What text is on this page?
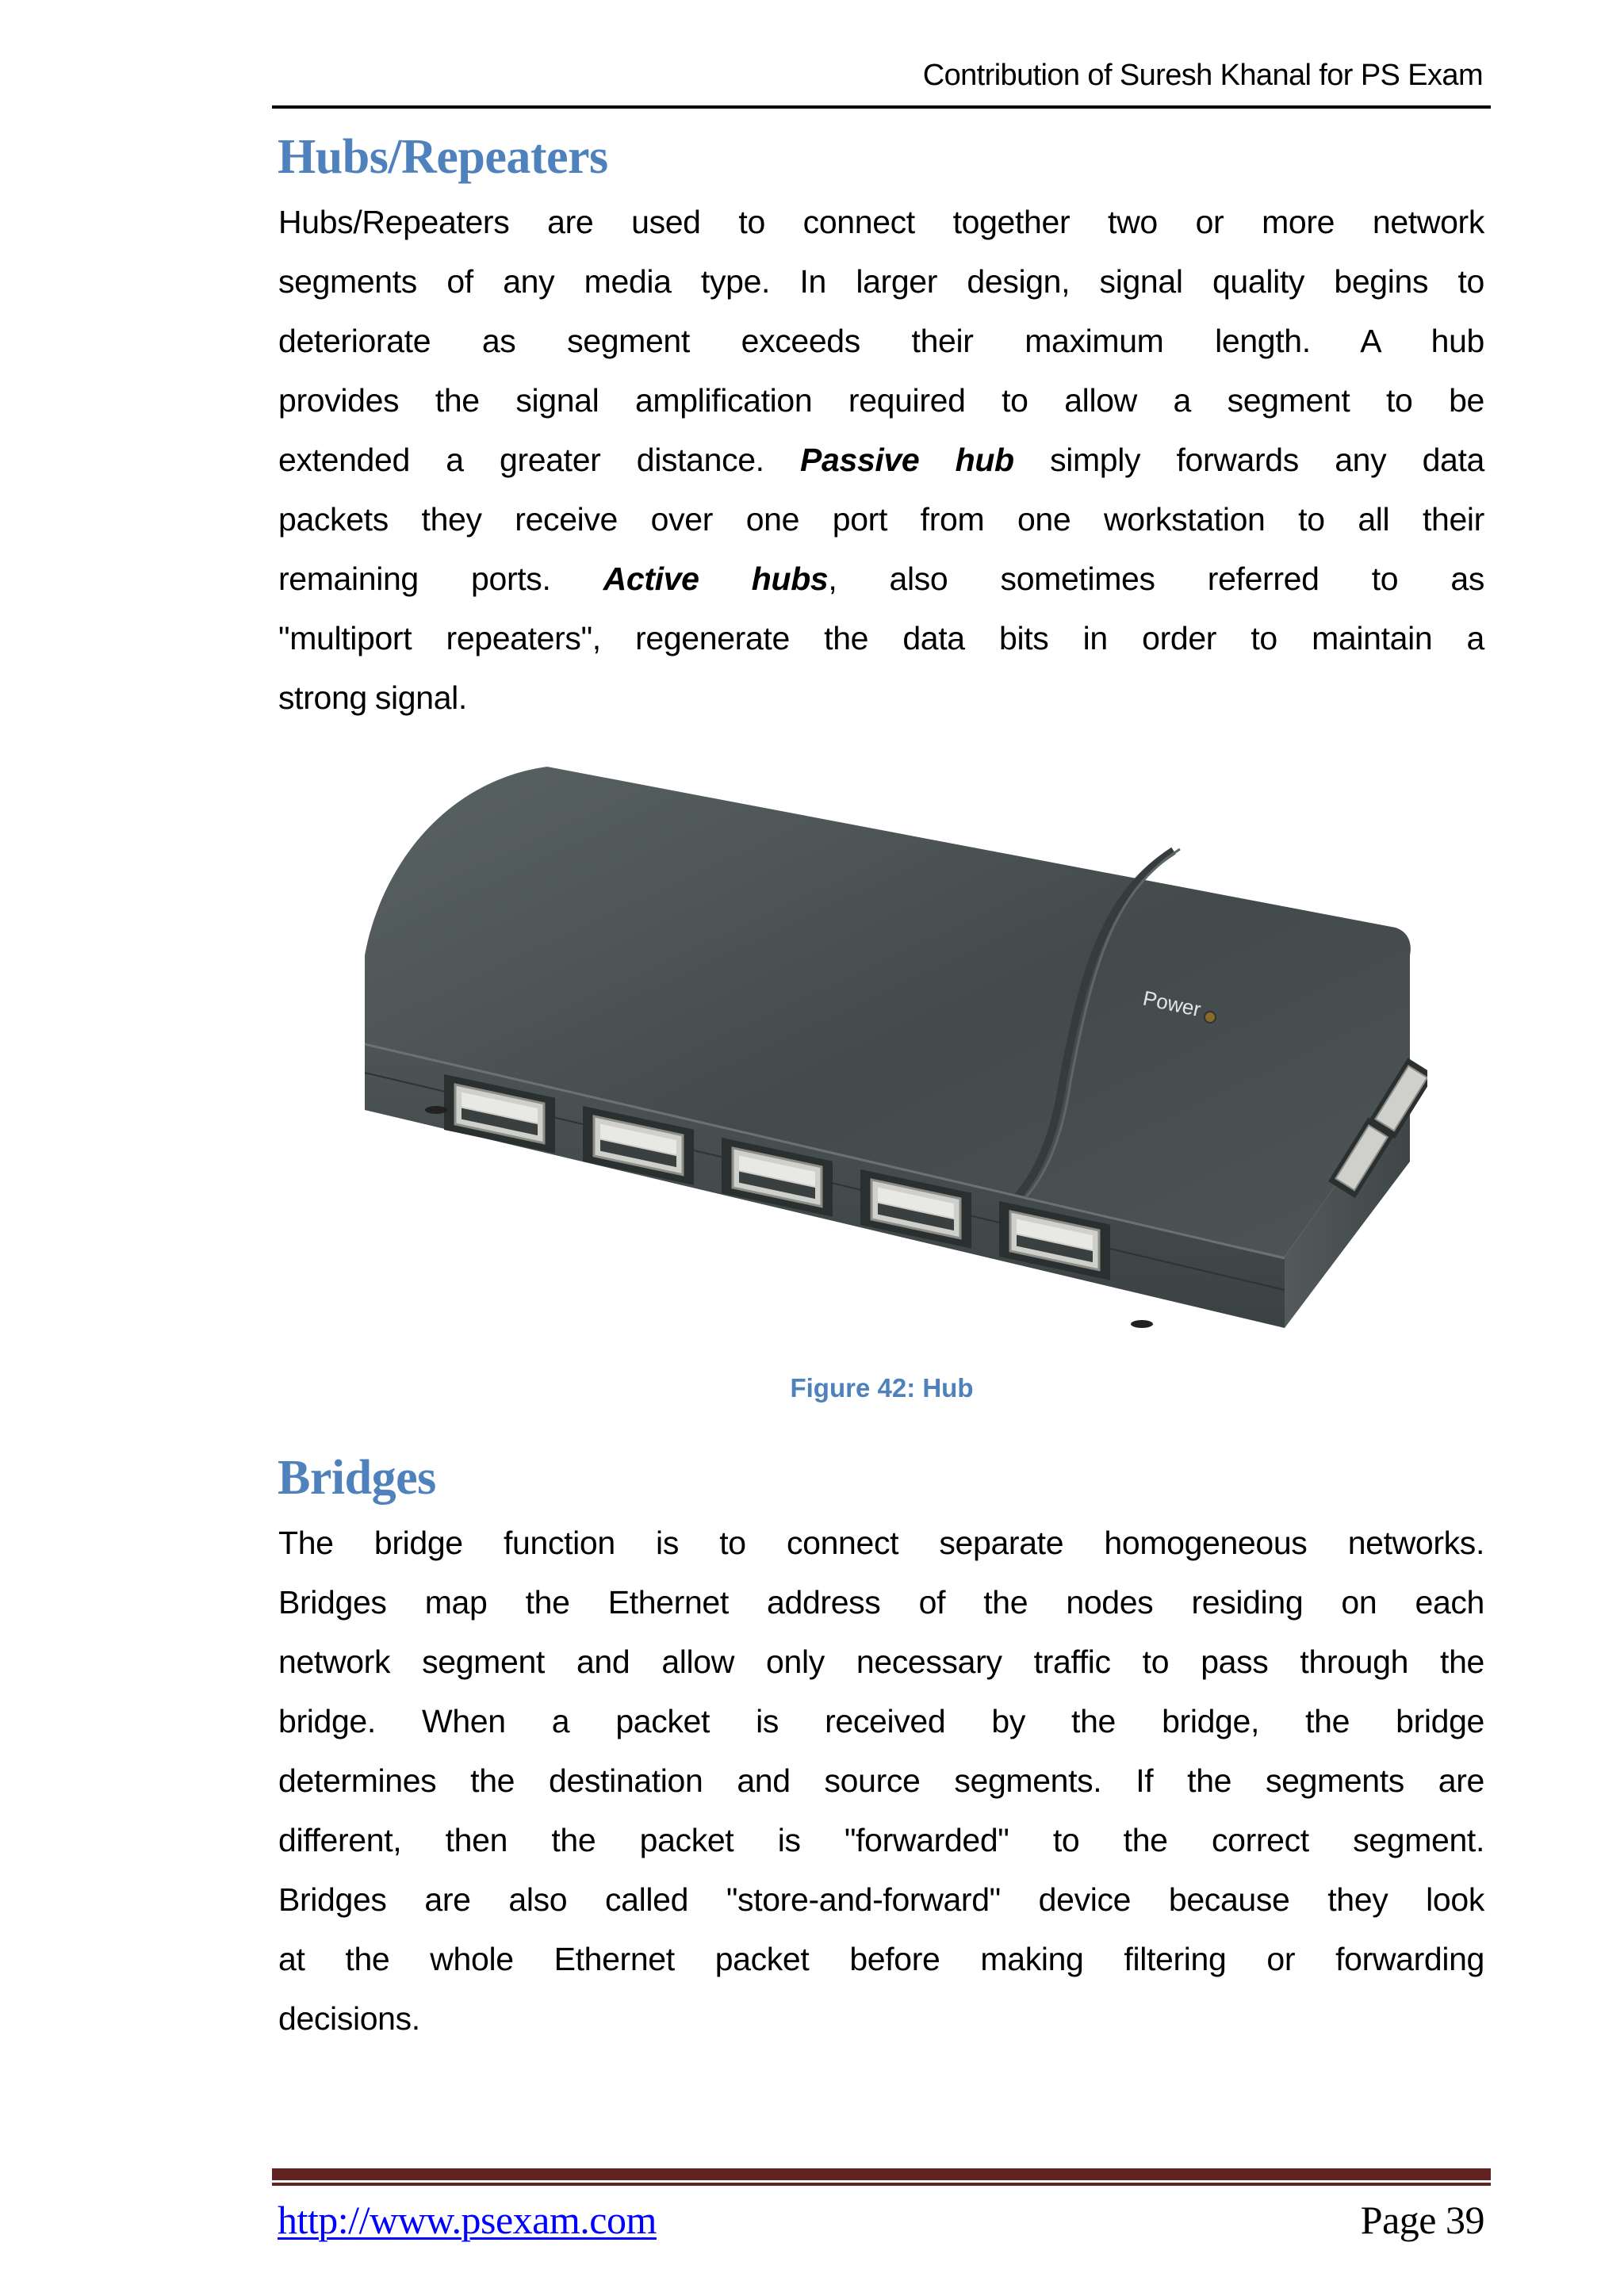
Contribution of Suresh Khanal for PS Exam
Hubs/Repeaters
Hubs/Repeaters are used to connect together two or more network
segments of any media type. In larger design, signal quality begins to
deteriorate as segment exceeds their maximum length. A hub
provides the signal amplification required to allow a segment to be
extended a greater distance. Passive hub simply forwards any data
packets they receive over one port from one workstation to all their
remaining ports. Active hubs, also sometimes referred to as
"multiport repeaters", regenerate the data bits in order to maintain a
strong signal.
Power
Figure 42: Hub
Bridges
The bridge function is to connect separate homogeneous networks.
Bridges map the Ethernet address of the nodes residing on each
network segment and allow only necessary traffic to pass through the
bridge. When a packet is received by the bridge, the bridge
determines the destination and source segments. If the segments are
different, then the packet is "forwarded" to the correct segment.
Bridges are also called "store-and-forward" device because they look
at the whole Ethernet packet before making filtering or forwarding
decisions.
http://www.psexam.com	Page 39
